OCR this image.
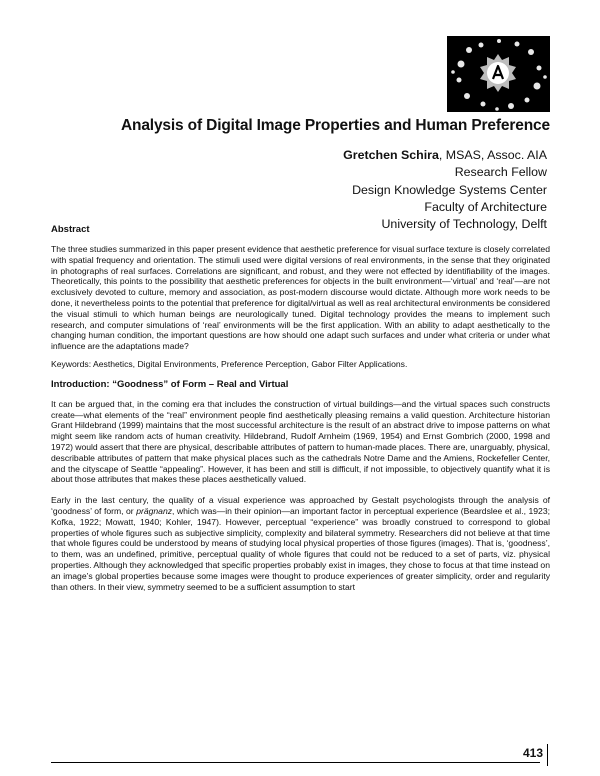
Analysis of Digital Image Properties and Human Preference
Gretchen Schira, MSAS, Assoc. AIA
Research Fellow
Design Knowledge Systems Center
Faculty of Architecture
University of Technology, Delft
Abstract

The three studies summarized in this paper present evidence that aesthetic preference for visual surface texture is closely correlated with spatial frequency and orientation. The stimuli used were digital versions of real environments, in the sense that they originated in photographs of real surfaces. Correlations are significant, and robust, and they were not effected by identifiability of the images. Theoretically, this points to the possibility that aesthetic preferences for objects in the built environment—‘virtual’ and ‘real’—are not exclusively devoted to culture, memory and association, as post-modern discourse would dictate. Although more work needs to be done, it nevertheless points to the potential that preference for digital/virtual as well as real architectural environments be considered the visual stimuli to which human beings are neurologically tuned. Digital technology provides the means to implement such research, and computer simulations of ‘real’ environments will be the first application. With an ability to adapt aesthetically to the changing human condition, the important questions are how should one adapt such surfaces and under what criteria or under what influence are the adaptations made?

Keywords: Aesthetics, Digital Environments, Preference Perception, Gabor Filter Applications.
Introduction: “Goodness” of Form – Real and Virtual

It can be argued that, in the coming era that includes the construction of virtual buildings—and the virtual spaces such constructs create—what elements of the “real” environment people find aesthetically pleasing remains a valid question. Architecture historian Grant Hildebrand (1999) maintains that the most successful architecture is the result of an abstract drive to impose patterns on what might seem like random acts of human creativity. Hildebrand, Rudolf Arnheim (1969, 1954) and Ernst Gombrich (2000, 1998 and 1972) would assert that there are physical, describable attributes of pattern to human-made places. There are, unarguably, physical, describable attributes of pattern that make physical places such as the cathedrals Notre Dame and the Amiens, Rockefeller Center, and the cityscape of Seattle “appealing”. However, it has been and still is difficult, if not impossible, to objectively quantify what it is about those attributes that makes these places aesthetically valued.

Early in the last century, the quality of a visual experience was approached by Gestalt psychologists through the analysis of ‘goodness’ of form, or prägnanz, which was—in their opinion—an important factor in perceptual experience (Beardslee et al., 1923; Kofka, 1922; Mowatt, 1940; Kohler, 1947). However, perceptual “experience” was broadly construed to correspond to global properties of whole figures such as subjective simplicity, complexity and bilateral symmetry. Researchers did not believe at that time that whole figures could be understood by means of studying local physical properties of those figures (images). That is, ‘goodness’, to them, was an undefined, primitive, perceptual quality of whole figures that could not be reduced to a set of parts, viz. physical properties. Although they acknowledged that specific properties probably exist in images, they chose to focus at that time instead on an image’s global properties because some images were thought to produce experiences of greater simplicity, order and regularity than others. In their view, symmetry seemed to be a sufficient assumption to start

413
